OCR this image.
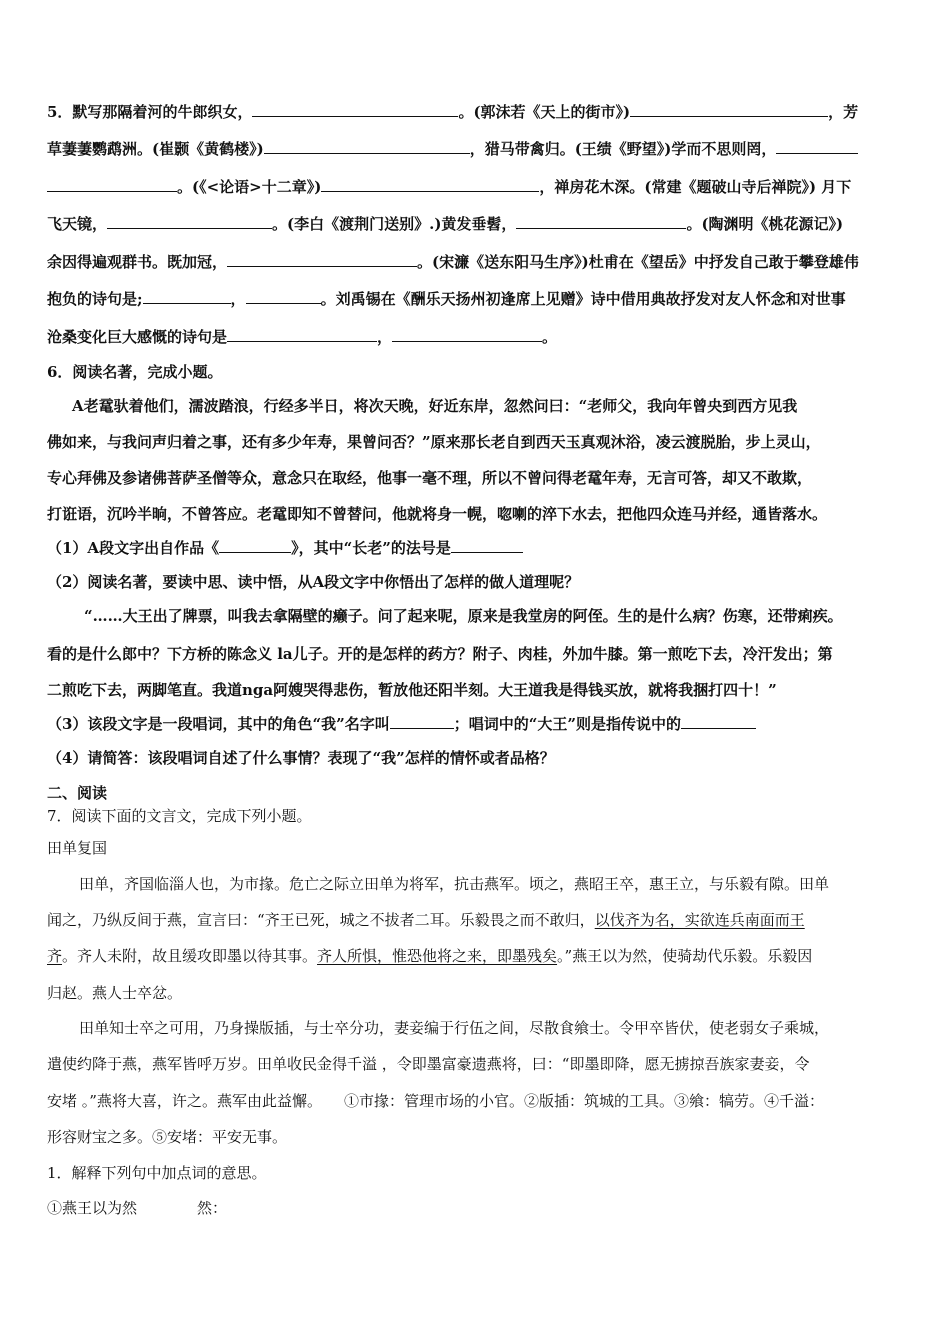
5．默写那隔着河的牛郎织女，	。(郭沫若《天上的街市》)	，芳
草萋萋鹦鹉洲。(崔颢《黄鹤楼》)	，猎马带禽归。(王绩《野望》)学而不思则罔，
。(《<论语>十二章》)	，禅房花木深。(常建《题破山寺后禅院》) 月下
飞天镜，	。(李白《渡荆门送别》.)黄发垂髫，	。(陶渊明《桃花源记》)
余因得遍观群书。既加冠，	。(宋濂《送东阳马生序》)杜甫在《望岳》中抒发自己敢于攀登雄伟
抱负的诗句是;	，	。刘禹锡在《酬乐天扬州初逢席上见赠》诗中借用典故抒发对友人怀念和对世事
沧桑变化巨大感慨的诗句是	，	。
6．阅读名著，完成小题。
A老鼋驮着他们，濡波踏浪，行经多半日，将次天晚，好近东岸，忽然问曰：“老师父，我向年曾央到西方见我
佛如来，与我问声归着之事，还有多少年寿，果曾问否？”原来那长老自到西天玉真观沐浴，凌云渡脱胎，步上灵山，
专心拜佛及参诸佛菩萨圣僧等众，意念只在取经，他事一毫不理，所以不曾问得老鼋年寿，无言可答，却又不敢欺，
打诳语，沉吟半晌，不曾答应。老鼋即知不曾替问，他就将身一幌，唿喇的淬下水去，把他四众连马并经，通皆落水。
（1）A段文字出自作品《	》，其中“长老”的法号是
（2）阅读名著，要读中思、读中悟，从A段文字中你悟出了怎样的做人道理呢？
“……大王出了牌票，叫我去拿隔壁的癞子。问了起来呢，原来是我堂房的阿侄。生的是什么病？伤寒，还带痢疾。
看的是什么郎中？下方桥的陈念义 la儿子。开的是怎样的药方？附子、肉桂，外加牛膝。第一煎吃下去，冷汗发出；第
二煎吃下去，两脚笔直。我道nga阿嫂哭得悲伤，暂放他还阳半刻。大王道我是得钱买放，就将我捆打四十！”
（3）该段文字是一段唱词，其中的角色“我”名字叫	；唱词中的“大王”则是指传说中的
（4）请简答：该段唱词自述了什么事情？表现了“我”怎样的情怀或者品格？
二、阅读
7．阅读下面的文言文，完成下列小题。
田单复国
田单，齐国临淄人也，为市掾。危亡之际立田单为将军，抗击燕军。顷之，燕昭王卒，惠王立，与乐毅有隙。田单
闻之，乃纵反间于燕，宣言曰：“齐王已死，城之不拔者二耳。乐毅畏之而不敢归，以伐齐为名，实欲连兵南面而王
齐。齐人未附，故且缓攻即墨以待其事。齐人所惧，惟恐他将之来，即墨残矣。”燕王以为然，使骑劫代乐毅。乐毅因
归赵。燕人士卒忿。
田单知士卒之可用，乃身操版插，与士卒分功，妻妾编于行伍之间，尽散食飨士。令甲卒皆伏，使老弱女子乘城，
遣使约降于燕，燕军皆呼万岁。田单收民金得千溢 ，令即墨富豪遗燕将，曰：“即墨即降，愿无掳掠吾族家妻妾，令
安堵 。”燕将大喜，许之。燕军由此益懈。 ①市掾：管理市场的小官。②版插：筑城的工具。③飨：犒劳。④千溢：
形容财宝之多。⑤安堵：平安无事。
1．解释下列句中加点词的意思。
①燕王以为然	然：
